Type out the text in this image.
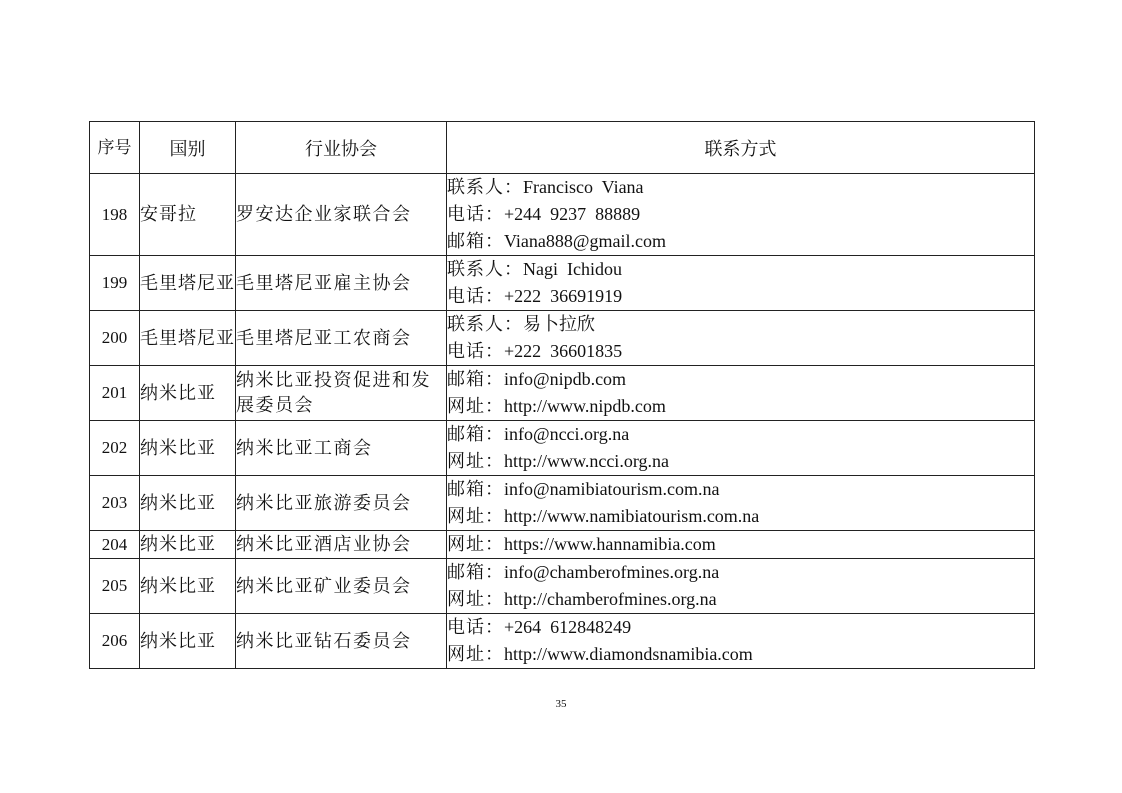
序号	国别	行业协会	联系方式
198	安哥拉	罗安达企业家联合会	联系人：Francisco  Viana
电话：+244  9237  88889
邮箱：Viana888@gmail.com

199	毛里塔尼亚	毛里塔尼亚雇主协会	联系人：Nagi  Ichidou
电话：+222  36691919

200	毛里塔尼亚	毛里塔尼亚工农商会	联系人：易卜拉欣
电话：+222  36601835

201	纳米比亚	纳米比亚投资促进和发展委员会	邮箱：info@nipdb.com
网址：http://www.nipdb.com

202	纳米比亚	纳米比亚工商会	邮箱：info@ncci.org.na
网址：http://www.ncci.org.na

203	纳米比亚	纳米比亚旅游委员会	邮箱：info@namibiatourism.com.na
网址：http://www.namibiatourism.com.na

204	纳米比亚	纳米比亚酒店业协会	网址：https://www.hannamibia.com

205	纳米比亚	纳米比亚矿业委员会	邮箱：info@chamberofmines.org.na
网址：http://chamberofmines.org.na

206	纳米比亚	纳米比亚钻石委员会	电话：+264  612848249
网址：http://www.diamondsnamibia.com
35
